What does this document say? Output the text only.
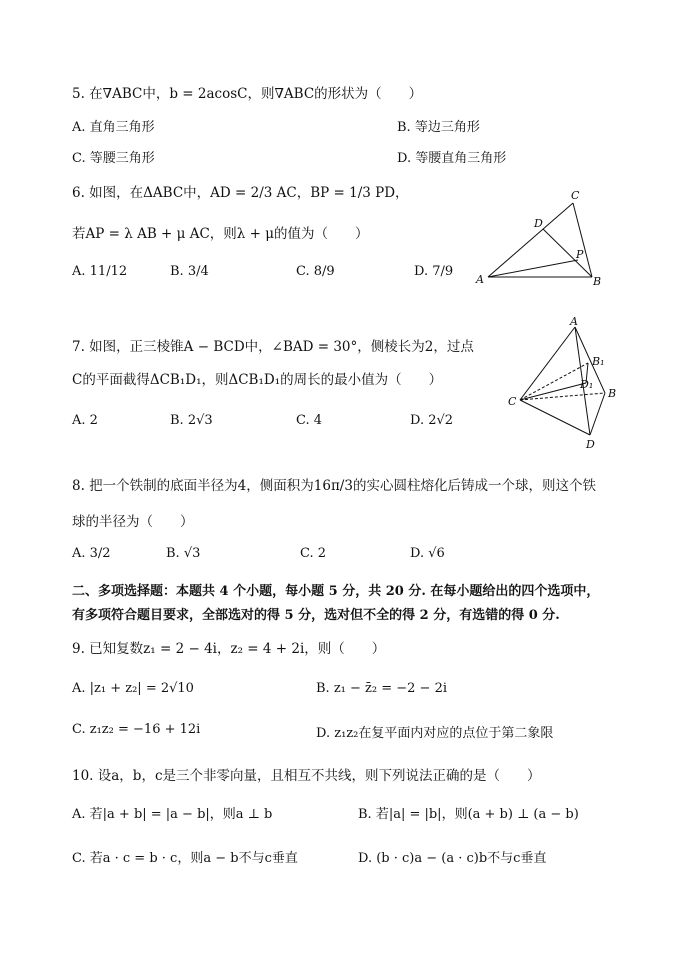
5. 在∇ABC中，b = 2acosC，则∇ABC的形状为（　　）
A. 直角三角形	B. 等边三角形
C. 等腰三角形	D. 等腰直角三角形
6. 如图，在ΔABC中，AD = 2/3 AC，BP = 1/3 PD，
若AP = λ AB + μ AC，则λ + μ的值为（　　）
A. 11/12	B. 3/4	C. 8/9	D. 7/9
C
D
P
A	B
7. 如图，正三棱锥A − BCD中，∠BAD = 30°，侧棱长为2，过点
C的平面截得ΔCB₁D₁，则ΔCB₁D₁的周长的最小值为（　　）
A. 2	B. 2√3	C. 4	D. 2√2
A
B₁
D₁
B
C
D
8. 把一个铁制的底面半径为4，侧面积为16π/3的实心圆柱熔化后铸成一个球，则这个铁
球的半径为（　　）
A. 3/2	B. √3	C. 2	D. √6
二、多项选择题：本题共 4 个小题，每小题 5 分，共 20 分. 在每小题给出的四个选项中，
有多项符合题目要求，全部选对的得 5 分，选对但不全的得 2 分，有选错的得 0 分.
9. 已知复数z₁ = 2 − 4i，z₂ = 4 + 2i，则（　　）
A. |z₁ + z₂| = 2√10	B. z₁ − z̄₂ = −2 − 2i
C. z₁z₂ = −16 + 12i	D. z₁z₂在复平面内对应的点位于第二象限
10. 设a，b，c是三个非零向量，且相互不共线，则下列说法正确的是（　　）
A. 若|a + b| = |a − b|，则a ⊥ b	B. 若|a| = |b|，则(a + b) ⊥ (a − b)
C. 若a · c = b · c，则a − b不与c垂直	D. (b · c)a − (a · c)b不与c垂直
